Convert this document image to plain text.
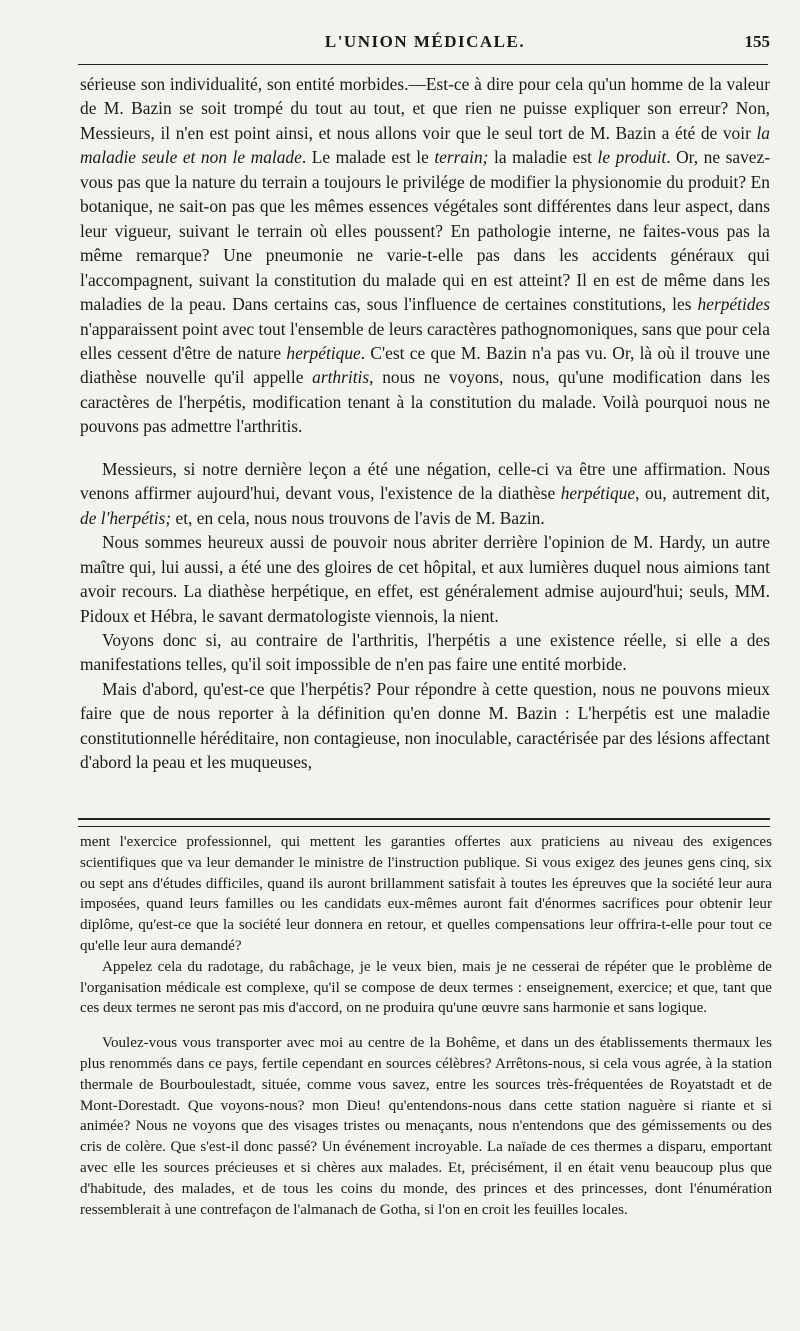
L'UNION MÉDICALE.	155

sérieuse son individualité, son entité morbides.—Est-ce à dire pour cela qu'un homme de la valeur de M. Bazin se soit trompé du tout au tout, et que rien ne puisse expliquer son erreur? Non, Messieurs, il n'en est point ainsi, et nous allons voir que le seul tort de M. Bazin a été de voir la maladie seule et non le malade. Le malade est le terrain; la maladie est le produit. Or, ne savez-vous pas que la nature du terrain a toujours le privilége de modifier la physionomie du produit? En botanique, ne sait-on pas que les mêmes essences végétales sont différentes dans leur aspect, dans leur vigueur, suivant le terrain où elles poussent? En pathologie interne, ne faites-vous pas la même remarque? Une pneumonie ne varie-t-elle pas dans les accidents généraux qui l'accompagnent, suivant la constitution du malade qui en est atteint? Il en est de même dans les maladies de la peau. Dans certains cas, sous l'influence de certaines constitutions, les herpétides n'apparaissent point avec tout l'ensemble de leurs caractères pathognomoniques, sans que pour cela elles cessent d'être de nature herpétique. C'est ce que M. Bazin n'a pas vu. Or, là où il trouve une diathèse nouvelle qu'il appelle arthritis, nous ne voyons, nous, qu'une modification dans les caractères de l'herpétis, modification tenant à la constitution du malade. Voilà pourquoi nous ne pouvons pas admettre l'arthritis.

Messieurs, si notre dernière leçon a été une négation, celle-ci va être une affirmation. Nous venons affirmer aujourd'hui, devant vous, l'existence de la diathèse herpétique, ou, autrement dit, de l'herpétis; et, en cela, nous nous trouvons de l'avis de M. Bazin.

Nous sommes heureux aussi de pouvoir nous abriter derrière l'opinion de M. Hardy, un autre maître qui, lui aussi, a été une des gloires de cet hôpital, et aux lumières duquel nous aimions tant avoir recours. La diathèse herpétique, en effet, est généralement admise aujourd'hui; seuls, MM. Pidoux et Hébra, le savant dermatologiste viennois, la nient.

Voyons donc si, au contraire de l'arthritis, l'herpétis a une existence réelle, si elle a des manifestations telles, qu'il soit impossible de n'en pas faire une entité morbide.

Mais d'abord, qu'est-ce que l'herpétis? Pour répondre à cette question, nous ne pouvons mieux faire que de nous reporter à la définition qu'en donne M. Bazin : L'herpétis est une maladie constitutionnelle héréditaire, non contagieuse, non inoculable, caractérisée par des lésions affectant d'abord la peau et les muqueuses,

ment l'exercice professionnel, qui mettent les garanties offertes aux praticiens au niveau des exigences scientifiques que va leur demander le ministre de l'instruction publique. Si vous exigez des jeunes gens cinq, six ou sept ans d'études difficiles, quand ils auront brillamment satisfait à toutes les épreuves que la société leur aura imposées, quand leurs familles ou les candidats eux-mêmes auront fait d'énormes sacrifices pour obtenir leur diplôme, qu'est-ce que la société leur donnera en retour, et quelles compensations leur offrira-t-elle pour tout ce qu'elle leur aura demandé?

Appelez cela du radotage, du rabâchage, je le veux bien, mais je ne cesserai de répéter que le problème de l'organisation médicale est complexe, qu'il se compose de deux termes : enseignement, exercice; et que, tant que ces deux termes ne seront pas mis d'accord, on ne produira qu'une œuvre sans harmonie et sans logique.

Voulez-vous vous transporter avec moi au centre de la Bohême, et dans un des établissements thermaux les plus renommés dans ce pays, fertile cependant en sources célèbres? Arrêtons-nous, si cela vous agrée, à la station thermale de Bourboulestadt, située, comme vous savez, entre les sources très-fréquentées de Royatstadt et de Mont-Dorestadt. Que voyons-nous? mon Dieu! qu'entendons-nous dans cette station naguère si riante et si animée? Nous ne voyons que des visages tristes ou menaçants, nous n'entendons que des gémissements ou des cris de colère. Que s'est-il donc passé? Un événement incroyable. La naïade de ces thermes a disparu, emportant avec elle les sources précieuses et si chères aux malades. Et, précisément, il en était venu beaucoup plus que d'habitude, des malades, et de tous les coins du monde, des princes et des princesses, dont l'énumération ressemblerait à une contrefaçon de l'almanach de Gotha, si l'on en croit les feuilles locales.
